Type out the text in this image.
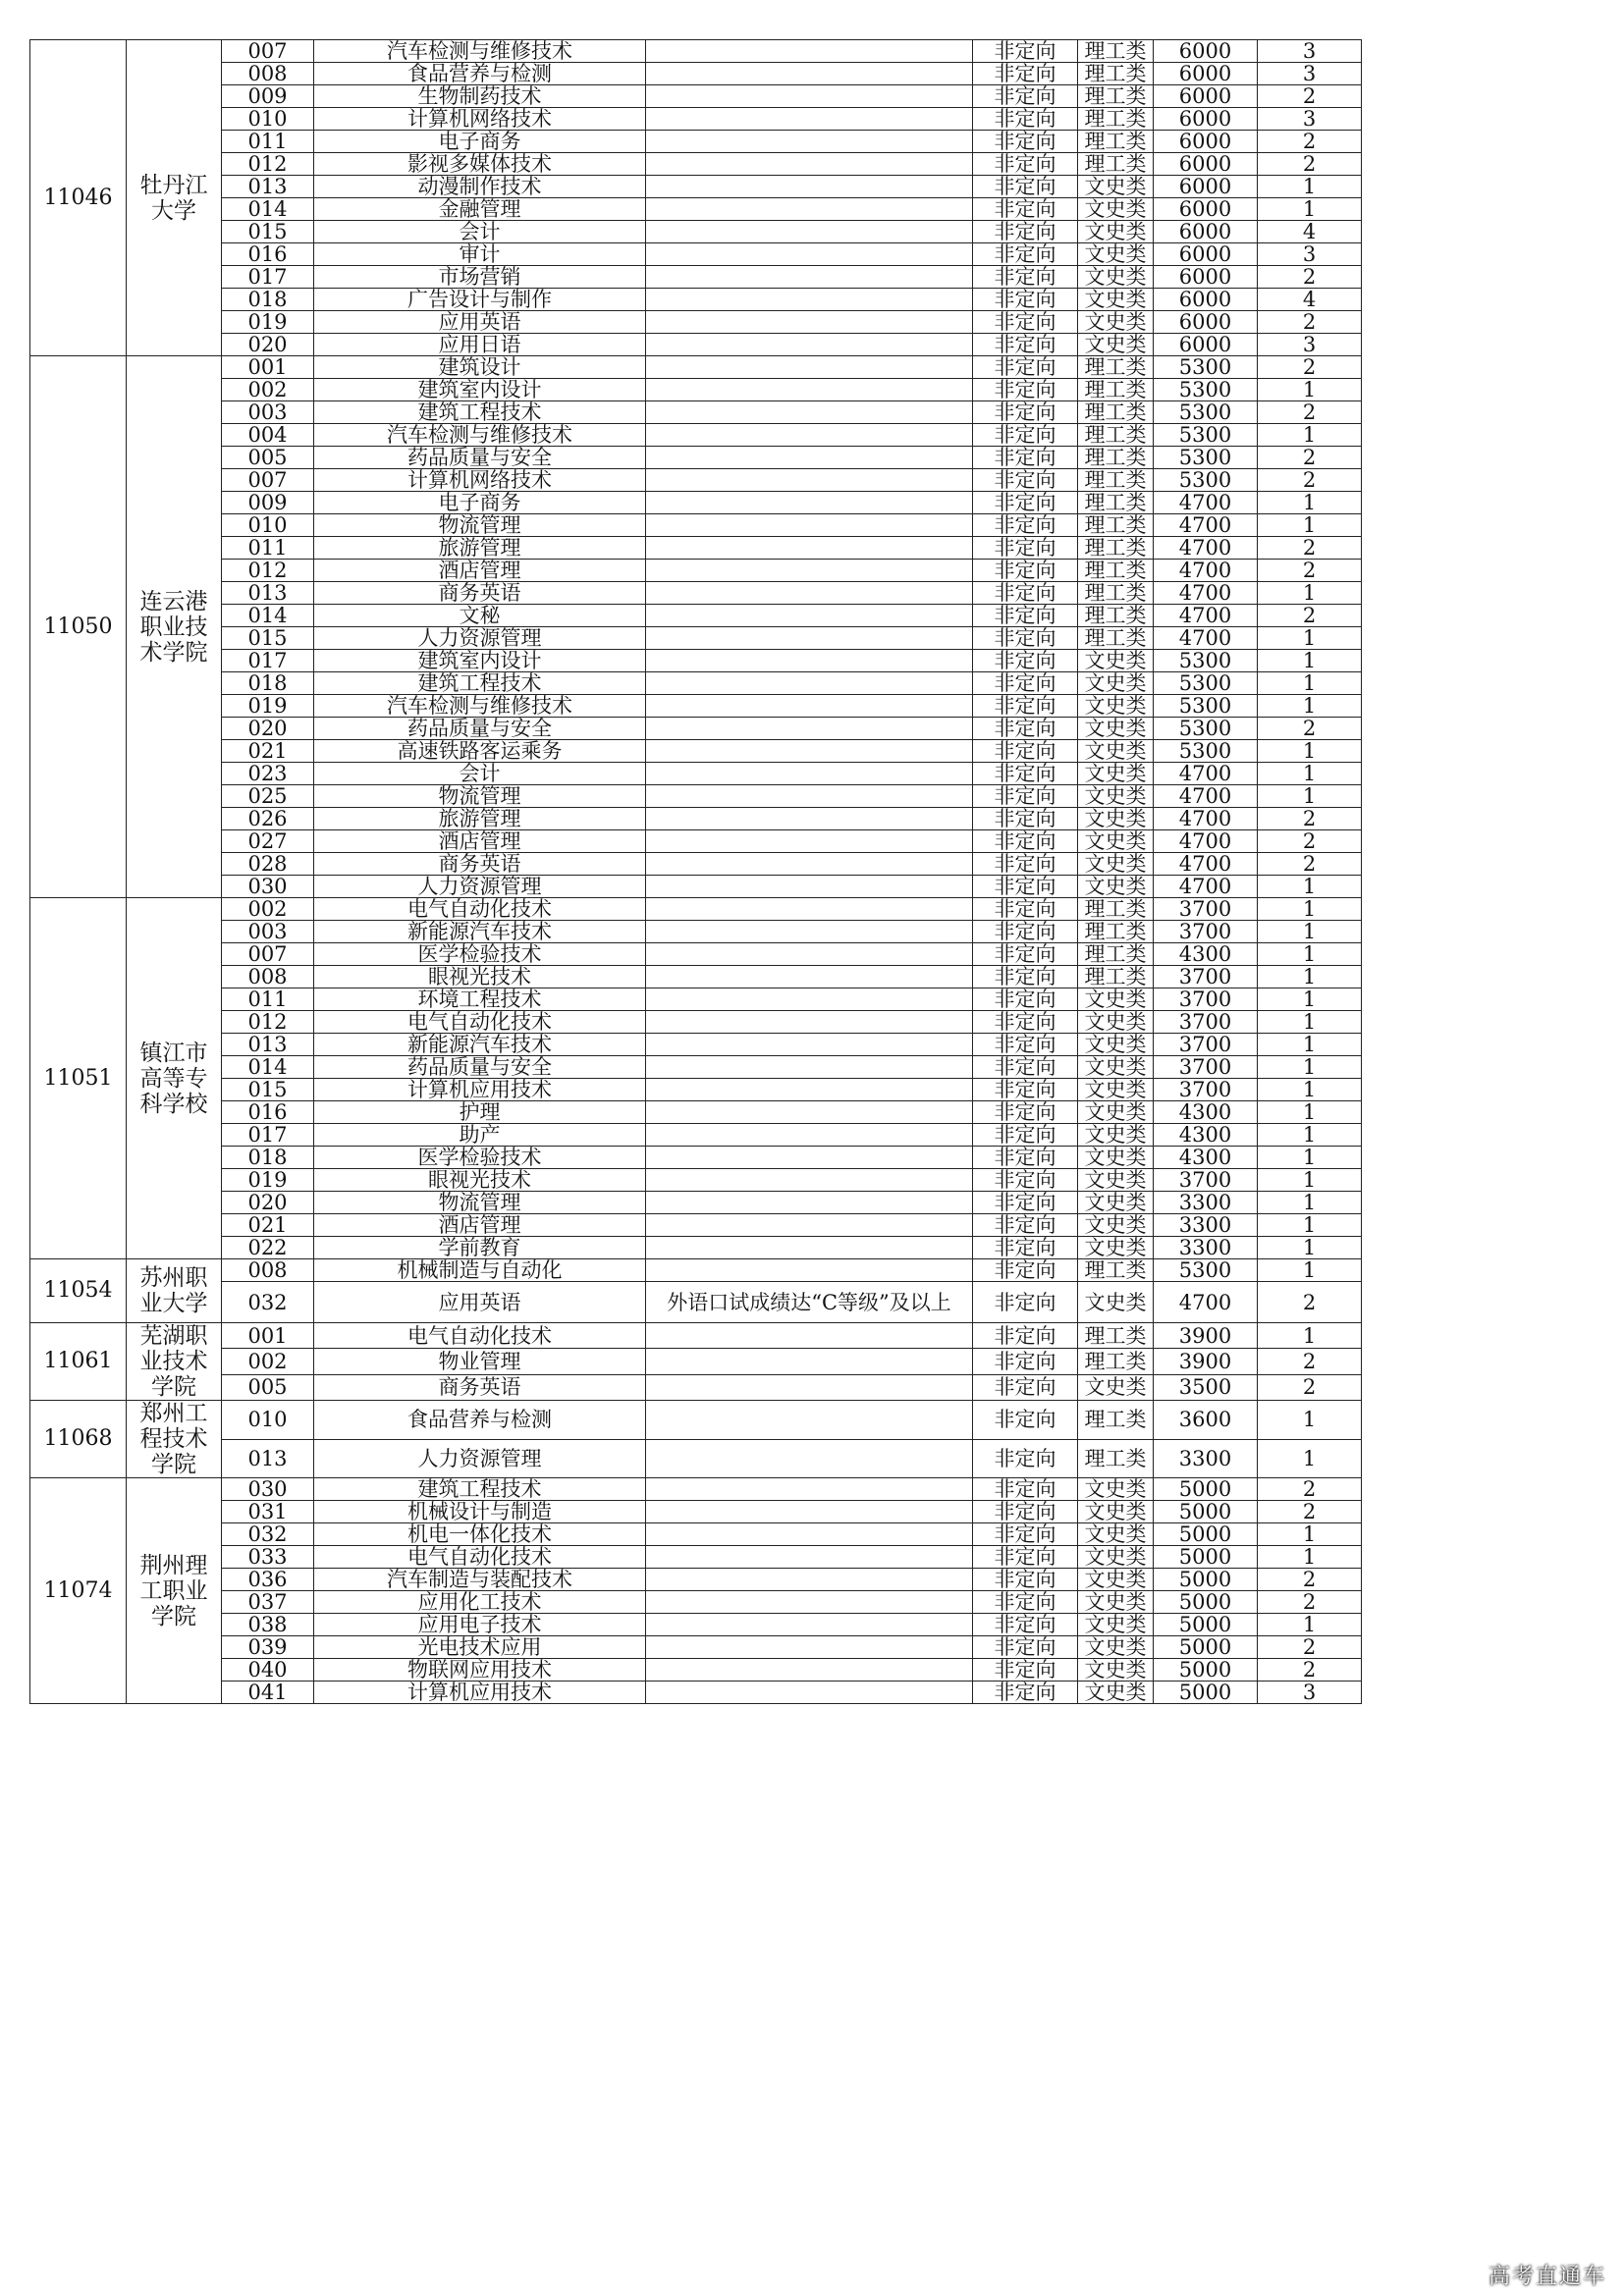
11046	牡丹江大学	007	汽车检测与维修技术		非定向	理工类	6000	3
		008	食品营养与检测		非定向	理工类	6000	3
		009	生物制药技术		非定向	理工类	6000	2
		010	计算机网络技术		非定向	理工类	6000	3
		011	电子商务		非定向	理工类	6000	2
		012	影视多媒体技术		非定向	理工类	6000	2
		013	动漫制作技术		非定向	文史类	6000	1
		014	金融管理		非定向	文史类	6000	1
		015	会计		非定向	文史类	6000	4
		016	审计		非定向	文史类	6000	3
		017	市场营销		非定向	文史类	6000	2
		018	广告设计与制作		非定向	文史类	6000	4
		019	应用英语		非定向	文史类	6000	2
		020	应用日语		非定向	文史类	6000	3
11050	连云港职业技术学院	001	建筑设计		非定向	理工类	5300	2
		002	建筑室内设计		非定向	理工类	5300	1
		003	建筑工程技术		非定向	理工类	5300	2
		004	汽车检测与维修技术		非定向	理工类	5300	1
		005	药品质量与安全		非定向	理工类	5300	2
		007	计算机网络技术		非定向	理工类	5300	2
		009	电子商务		非定向	理工类	4700	1
		010	物流管理		非定向	理工类	4700	1
		011	旅游管理		非定向	理工类	4700	2
		012	酒店管理		非定向	理工类	4700	2
		013	商务英语		非定向	理工类	4700	1
		014	文秘		非定向	理工类	4700	2
		015	人力资源管理		非定向	理工类	4700	1
		017	建筑室内设计		非定向	文史类	5300	1
		018	建筑工程技术		非定向	文史类	5300	1
		019	汽车检测与维修技术		非定向	文史类	5300	1
		020	药品质量与安全		非定向	文史类	5300	2
		021	高速铁路客运乘务		非定向	文史类	5300	1
		023	会计		非定向	文史类	4700	1
		025	物流管理		非定向	文史类	4700	1
		026	旅游管理		非定向	文史类	4700	2
		027	酒店管理		非定向	文史类	4700	2
		028	商务英语		非定向	文史类	4700	2
		030	人力资源管理		非定向	文史类	4700	1
11051	镇江市高等专科学校	002	电气自动化技术		非定向	理工类	3700	1
		003	新能源汽车技术		非定向	理工类	3700	1
		007	医学检验技术		非定向	理工类	4300	1
		008	眼视光技术		非定向	理工类	3700	1
		011	环境工程技术		非定向	文史类	3700	1
		012	电气自动化技术		非定向	文史类	3700	1
		013	新能源汽车技术		非定向	文史类	3700	1
		014	药品质量与安全		非定向	文史类	3700	1
		015	计算机应用技术		非定向	文史类	3700	1
		016	护理		非定向	文史类	4300	1
		017	助产		非定向	文史类	4300	1
		018	医学检验技术		非定向	文史类	4300	1
		019	眼视光技术		非定向	文史类	3700	1
		020	物流管理		非定向	文史类	3300	1
		021	酒店管理		非定向	文史类	3300	1
		022	学前教育		非定向	文史类	3300	1
11054	苏州职业大学	008	机械制造与自动化		非定向	理工类	5300	1
		032	应用英语	外语口试成绩达“C等级”及以上	非定向	文史类	4700	2
11061	芜湖职业技术学院	001	电气自动化技术		非定向	理工类	3900	1
		002	物业管理		非定向	理工类	3900	2
		005	商务英语		非定向	文史类	3500	2
11068	郑州工程技术学院	010	食品营养与检测		非定向	理工类	3600	1
		013	人力资源管理		非定向	理工类	3300	1
11074	荆州理工职业学院	030	建筑工程技术		非定向	文史类	5000	2
		031	机械设计与制造		非定向	文史类	5000	2
		032	机电一体化技术		非定向	文史类	5000	1
		033	电气自动化技术		非定向	文史类	5000	1
		036	汽车制造与装配技术		非定向	文史类	5000	2
		037	应用化工技术		非定向	文史类	5000	2
		038	应用电子技术		非定向	文史类	5000	1
		039	光电技术应用		非定向	文史类	5000	2
		040	物联网应用技术		非定向	文史类	5000	2
		041	计算机应用技术		非定向	文史类	5000	3
高考直通车
